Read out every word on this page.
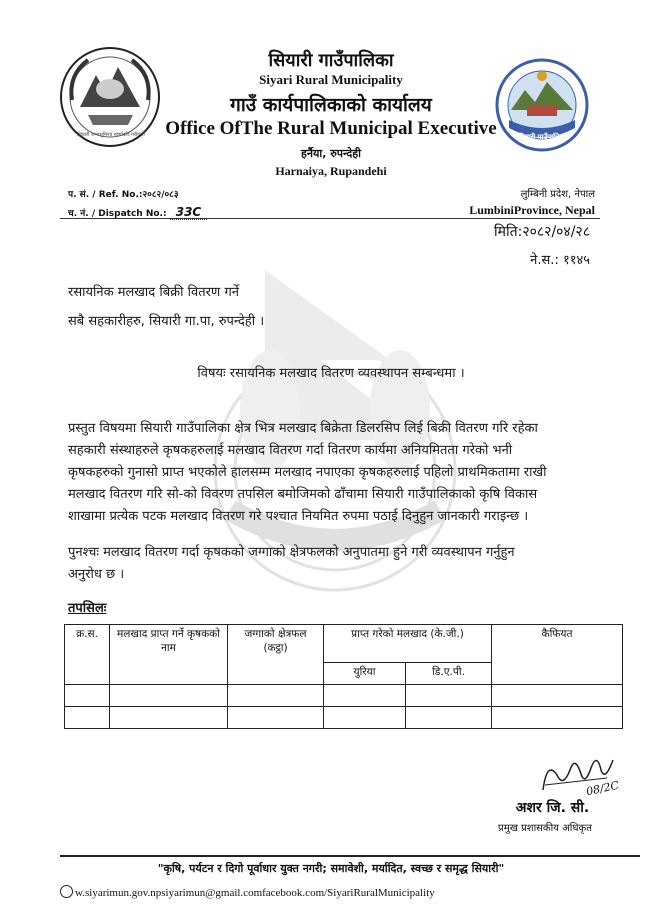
सियारी जन्मभूमिश्च स्वर्गादपि गरीयसी	सियारी गाउँपालिका
सियारी गाउँपालिका
Siyari Rural Municipality
गाउँ कार्यपालिकाको कार्यालय
Office OfThe Rural Municipal Executive
हर्नैया, रुपन्देही
Harnaiya, Rupandehi
प. सं. / Ref. No.:२०८२/०८३
च. नं. / Dispatch No.: 33C
लुम्बिनी प्रदेश, नेपाल
LumbiniProvince, Nepal
मिति:२०८२/०४/२८
ने.स.: ११४५
रसायनिक मलखाद बिक्री वितरण गर्ने
सबै सहकारीहरु, सियारी गा.पा, रुपन्देही ।
विषयः रसायनिक मलखाद वितरण व्यवस्थापन सम्बन्धमा ।
प्रस्तुत विषयमा सियारी गाउँपालिका क्षेत्र भित्र मलखाद बिक्रेता डिलरसिप लिई बिक्री वितरण गरि रहेका
सहकारी संस्थाहरुले कृषकहरुलाई मलखाद वितरण गर्दा वितरण कार्यमा अनियमितता गरेको भनी
कृषकहरुको गुनासो प्राप्त भएकोले हालसम्म मलखाद नपाएका कृषकहरुलाई पहिलो प्राथमिकतामा राखी
मलखाद वितरण गरि सो-को विवरण तपसिल बमोजिमको ढाँचामा सियारी गाउँपालिकाको कृषि विकास
शाखामा प्रत्येक पटक मलखाद वितरण गरे पश्चात नियमित रुपमा पठाई दिनुहुन जानकारी गराइन्छ ।
पुनश्चः मलखाद वितरण गर्दा कृषकको जग्गाको क्षेत्रफलको अनुपातमा हुने गरी व्यवस्थापन गर्नुहुन
अनुरोध छ ।
तपसिलः
क्र.स.	मलखाद प्राप्त गर्ने कृषकको नाम	जग्गाको क्षेत्रफल (कट्ठा)	प्राप्त गरेको मलखाद (के.जी.)		कैफियत
			युरिया	डि.ए.पी.	

08/2C
अशर जि. सी.
प्रमुख प्रशासकीय अधिकृत
"कृषि, पर्यटन र दिगो पूर्वाधार युक्त नगरी; समावेशी, मर्यादित, स्वच्छ र समृद्ध सियारी"
w.siyarimun.gov.npsiyarimun@gmail.comfacebook.com/SiyariRuralMunicipality
